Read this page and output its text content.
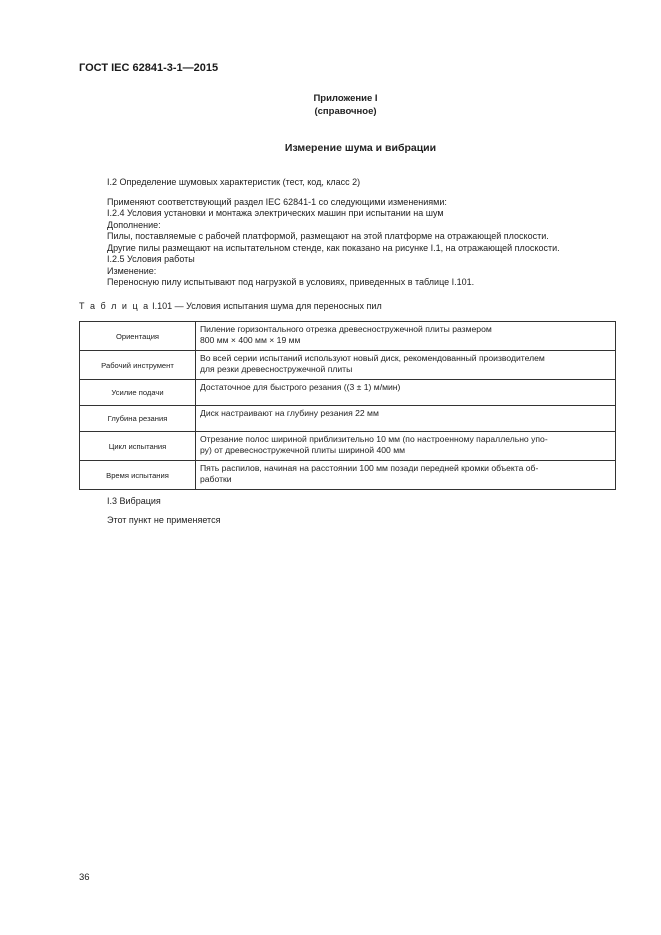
ГОСТ IEC 62841-3-1—2015
Приложение I
(справочное)
Измерение шума и вибрации
I.2 Определение шумовых характеристик (тест, код, класс 2)
Применяют соответствующий раздел IEC 62841-1 со следующими изменениями:
I.2.4 Условия установки и монтажа электрических машин при испытании на шум
Дополнение:
Пилы, поставляемые с рабочей платформой, размещают на этой платформе на отражающей плоскости.
Другие пилы размещают на испытательном стенде, как показано на рисунке I.1, на отражающей плоскости.
I.2.5 Условия работы
Изменение:
Переносную пилу испытывают под нагрузкой в условиях, приведенных в таблице I.101.
Т а б л и ц а I.101 — Условия испытания шума для переносных пил
Ориентация	Пиление горизонтального отрезка древесностружечной плиты размером
800 мм × 400 мм × 19 мм

Рабочий инструмент	Во всей серии испытаний используют новый диск, рекомендованный производителем
для резки древесностружечной плиты

Усилие подачи	Достаточное для быстрого резания ((3 ± 1) м/мин)

Глубина резания	Диск настраивают на глубину резания 22 мм

Цикл испытания	Отрезание полос шириной приблизительно 10 мм (по настроенному параллельно упо-
ру) от древесностружечной плиты шириной 400 мм

Время испытания	Пять распилов, начиная на расстоянии 100 мм позади передней кромки объекта об-
работки
I.3 Вибрация
Этот пункт не применяется
36
